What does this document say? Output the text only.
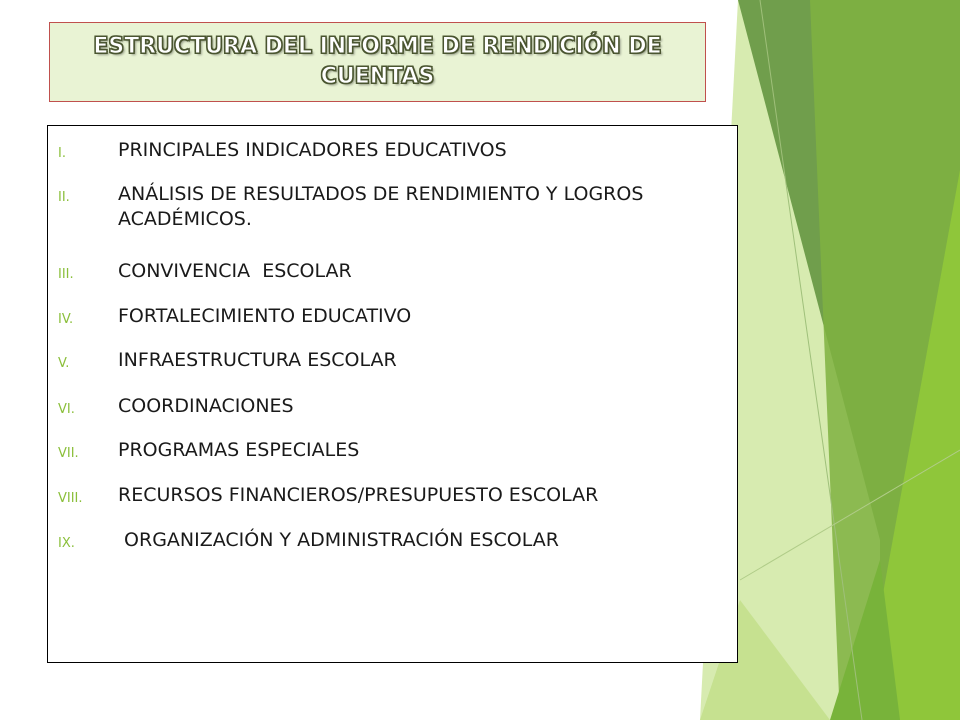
ESTRUCTURA DEL INFORME DE RENDICIÓN DE CUENTAS
I.	PRINCIPALES INDICADORES EDUCATIVOS
II.	ANÁLISIS DE RESULTADOS DE RENDIMIENTO Y LOGROS ACADÉMICOS.
III.	CONVIVENCIA  ESCOLAR
IV.	FORTALECIMIENTO EDUCATIVO
V.	INFRAESTRUCTURA ESCOLAR
VI.	COORDINACIONES
VII.	PROGRAMAS ESPECIALES
VIII.	RECURSOS FINANCIEROS/PRESUPUESTO ESCOLAR
IX.	ORGANIZACIÓN Y ADMINISTRACIÓN ESCOLAR
